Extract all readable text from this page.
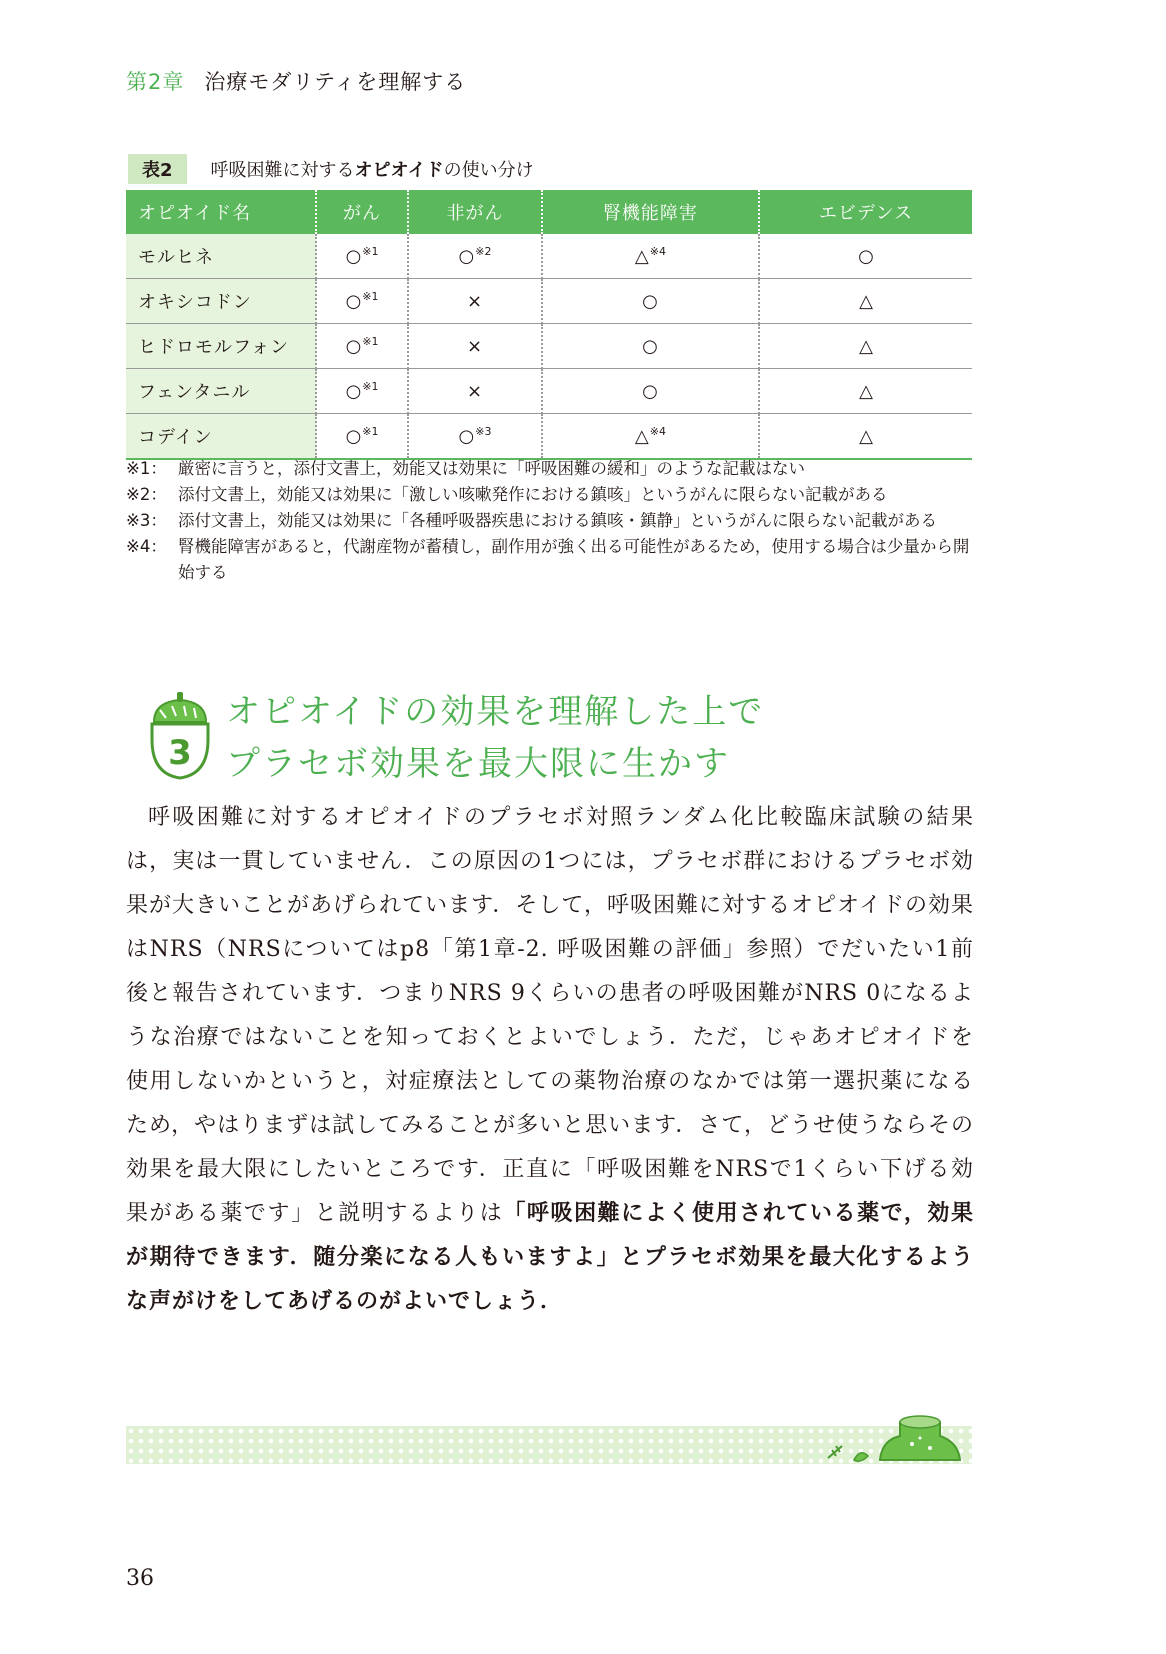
第2章 治療モダリティを理解する
表2 呼吸困難に対するオピオイドの使い分け
オピオイド名	がん	非がん	腎機能障害	エビデンス
モルヒネ	○$^{※1}$	○$^{※2}$	△$^{※4}$	○
オキシコドン	○$^{※1}$	×	○	△
ヒドロモルフォン	○$^{※1}$	×	○	△
フェンタニル	○$^{※1}$	×	○	△
コデイン	○$^{※1}$	○$^{※3}$	△$^{※4}$	△
※1： 厳密に言うと，添付文書上，効能又は効果に「呼吸困難の緩和」のような記載はない
※2： 添付文書上，効能又は効果に「激しい咳嗽発作における鎮咳」というがんに限らない記載がある
※3： 添付文書上，効能又は効果に「各種呼吸器疾患における鎮咳・鎮静」というがんに限らない記載がある
※4： 腎機能障害があると，代謝産物が蓄積し，副作用が強く出る可能性があるため，使用する場合は少量から開始する
3
オピオイドの効果を理解した上で
プラセボ効果を最大限に生かす
呼吸困難に対するオピオイドのプラセボ対照ランダム化比較臨床試験の結果は，実は一貫していません．この原因の1つには，プラセボ群におけるプラセボ効果が大きいことがあげられています．そして，呼吸困難に対するオピオイドの効果はNRS（NRSについてはp8「第1章-2. 呼吸困難の評価」参照）でだいたい1前後と報告されています．つまりNRS 9くらいの患者の呼吸困難がNRS 0になるような治療ではないことを知っておくとよいでしょう．ただ，じゃあオピオイドを使用しないかというと，対症療法としての薬物治療のなかでは第一選択薬になるため，やはりまずは試してみることが多いと思います．さて，どうせ使うならその効果を最大限にしたいところです．正直に「呼吸困難をNRSで1くらい下げる効果がある薬です」と説明するよりは「呼吸困難によく使用されている薬で，効果が期待できます．随分楽になる人もいますよ」とプラセボ効果を最大化するような声がけをしてあげるのがよいでしょう．
36
